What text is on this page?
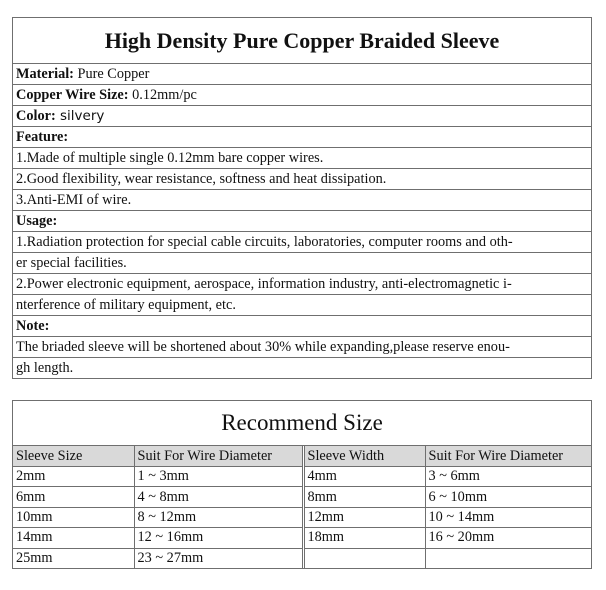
High Density Pure Copper Braided Sleeve
Material: Pure Copper
Copper Wire Size: 0.12mm/pc
Color: silvery
Feature:
1.Made of multiple single 0.12mm bare copper wires.
2.Good flexibility, wear resistance, softness and heat dissipation.
3.Anti-EMI of wire.
Usage:
1.Radiation protection for special cable circuits, laboratories, computer rooms and oth-
er special facilities.
2.Power electronic equipment, aerospace, information industry, anti-electromagnetic i-
nterference of military equipment, etc.
Note:
The briaded sleeve will be shortened about 30% while expanding,please reserve enou-
gh length.
Recommend Size
Sleeve Size	Suit For Wire Diameter	Sleeve Width	Suit For Wire Diameter
2mm	1 ~ 3mm	4mm	3 ~ 6mm
6mm	4 ~ 8mm	8mm	6 ~ 10mm
10mm	8 ~ 12mm	12mm	10 ~ 14mm
14mm	12 ~ 16mm	18mm	16 ~ 20mm
25mm	23 ~ 27mm		
